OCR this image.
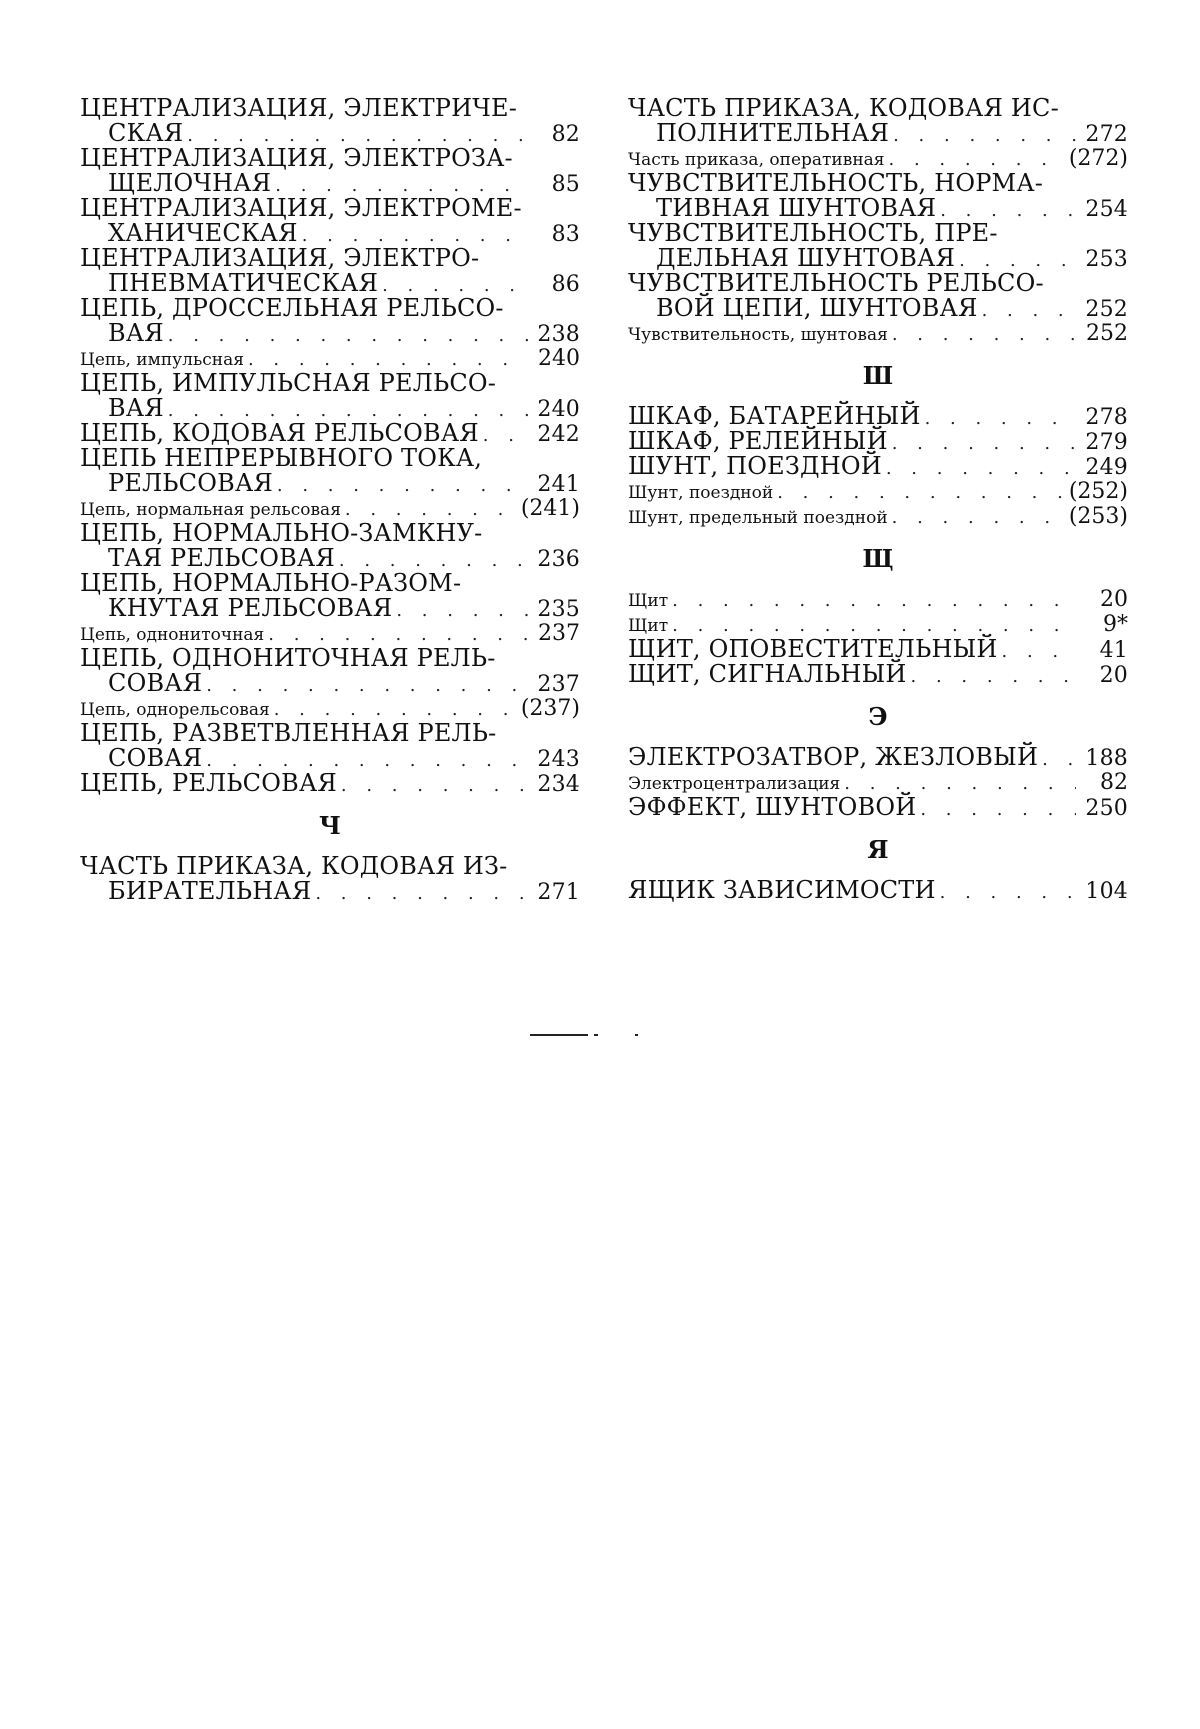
ЦЕНТРАЛИЗАЦИЯ, ЭЛЕКТРИЧЕ-
СКАЯ . . .	82
ЦЕНТРАЛИЗАЦИЯ, ЭЛЕКТРОЗА-
ЩЕЛОЧНАЯ . . .	85
ЦЕНТРАЛИЗАЦИЯ, ЭЛЕКТРОМЕ-
ХАНИЧЕСКАЯ . . .	83
ЦЕНТРАЛИЗАЦИЯ, ЭЛЕКТРО-
ПНЕВМАТИЧЕСКАЯ . . .	86
ЦЕПЬ, ДРОССЕЛЬНАЯ РЕЛЬСО-
ВАЯ . . .	238
Цепь, импульсная . . .	240
ЦЕПЬ, ИМПУЛЬСНАЯ РЕЛЬСО-
ВАЯ . . .	240
ЦЕПЬ, КОДОВАЯ РЕЛЬСОВАЯ . . .	242
ЦЕПЬ НЕПРЕРЫВНОГО ТОКА,
РЕЛЬСОВАЯ . . .	241
Цепь, нормальная рельсовая . . .	(241)
ЦЕПЬ, НОРМАЛЬНО-ЗАМКНУ-
ТАЯ РЕЛЬСОВАЯ . . .	236
ЦЕПЬ, НОРМАЛЬНО-РАЗОМ-
КНУТАЯ РЕЛЬСОВАЯ . . .	235
Цепь, однониточная . . .	237
ЦЕПЬ, ОДНОНИТОЧНАЯ РЕЛЬ-
СОВАЯ . . .	237
Цепь, однорельсовая . . .	(237)
ЦЕПЬ, РАЗВЕТВЛЕННАЯ РЕЛЬ-
СОВАЯ . . .	243
ЦЕПЬ, РЕЛЬСОВАЯ . . .	234
Ч
ЧАСТЬ ПРИКАЗА, КОДОВАЯ ИЗ-
БИРАТЕЛЬНАЯ . . .	271
ЧАСТЬ ПРИКАЗА, КОДОВАЯ ИС-
ПОЛНИТЕЛЬНАЯ . . .	272
Часть приказа, оперативная . . .	(272)
ЧУВСТВИТЕЛЬНОСТЬ, НОРМА-
ТИВНАЯ ШУНТОВАЯ . . .	254
ЧУВСТВИТЕЛЬНОСТЬ, ПРЕ-
ДЕЛЬНАЯ ШУНТОВАЯ . . .	253
ЧУВСТВИТЕЛЬНОСТЬ РЕЛЬСО-
ВОЙ ЦЕПИ, ШУНТОВАЯ . . .	252
Чувствительность, шунтовая . . .	252
Ш
ШКАФ, БАТАРЕЙНЫЙ . . .	278
ШКАФ, РЕЛЕЙНЫЙ . . .	279
ШУНТ, ПОЕЗДНОЙ . . .	249
Шунт, поездной . . .	(252)
Шунт, предельный поездной . . .	(253)
Щ
Щит . . .	20
Щит . . .	9*
ЩИТ, ОПОВЕСТИТЕЛЬНЫЙ . . .	41
ЩИТ, СИГНАЛЬНЫЙ . . .	20
Э
ЭЛЕКТРОЗАТВОР, ЖЕЗЛОВЫЙ . . . 188
Электроцентрализация . . .	82
ЭФФЕКТ, ШУНТОВОЙ . . .	250
Я
ЯЩИК ЗАВИСИМОСТИ . . .	104
